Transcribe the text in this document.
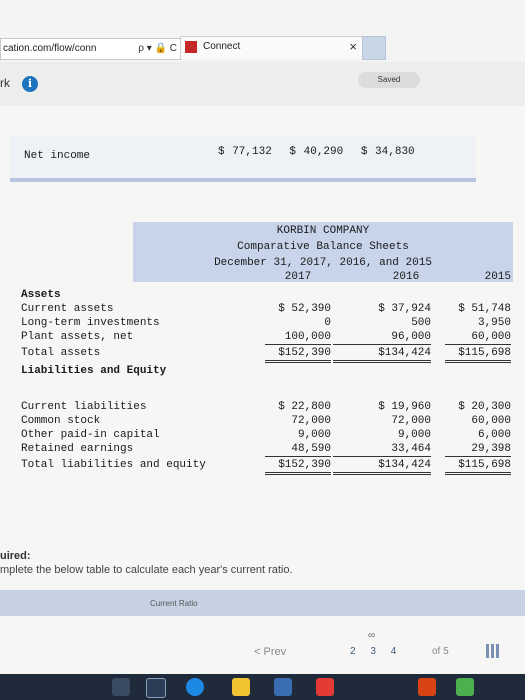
cation.com/flow/conn	ρ ▾ 🔒 C	Connect	×
rk	i	Saved
Net income	$ 77,132 $ 40,290 $ 34,830
KORBIN COMPANY
Comparative Balance Sheets
December 31, 2017, 2016, and 2015
2017	2016	2015
Assets
Current assets	$ 52,390	$ 37,924	$ 51,748
Long-term investments	0	500	3,950
Plant assets, net	100,000	96,000	60,000
Total assets	$152,390	$134,424	$115,698
Liabilities and Equity
Current liabilities	$ 22,800	$ 19,960	$ 20,300
Common stock	72,000	72,000	60,000
Other paid-in capital	9,000	9,000	6,000
Retained earnings	48,590	33,464	29,398
Total liabilities and equity	$152,390	$134,424	$115,698
uired:
mplete the below table to calculate each year's current ratio.
Current Ratio
∞
< Prev	2 3 4	of 5
